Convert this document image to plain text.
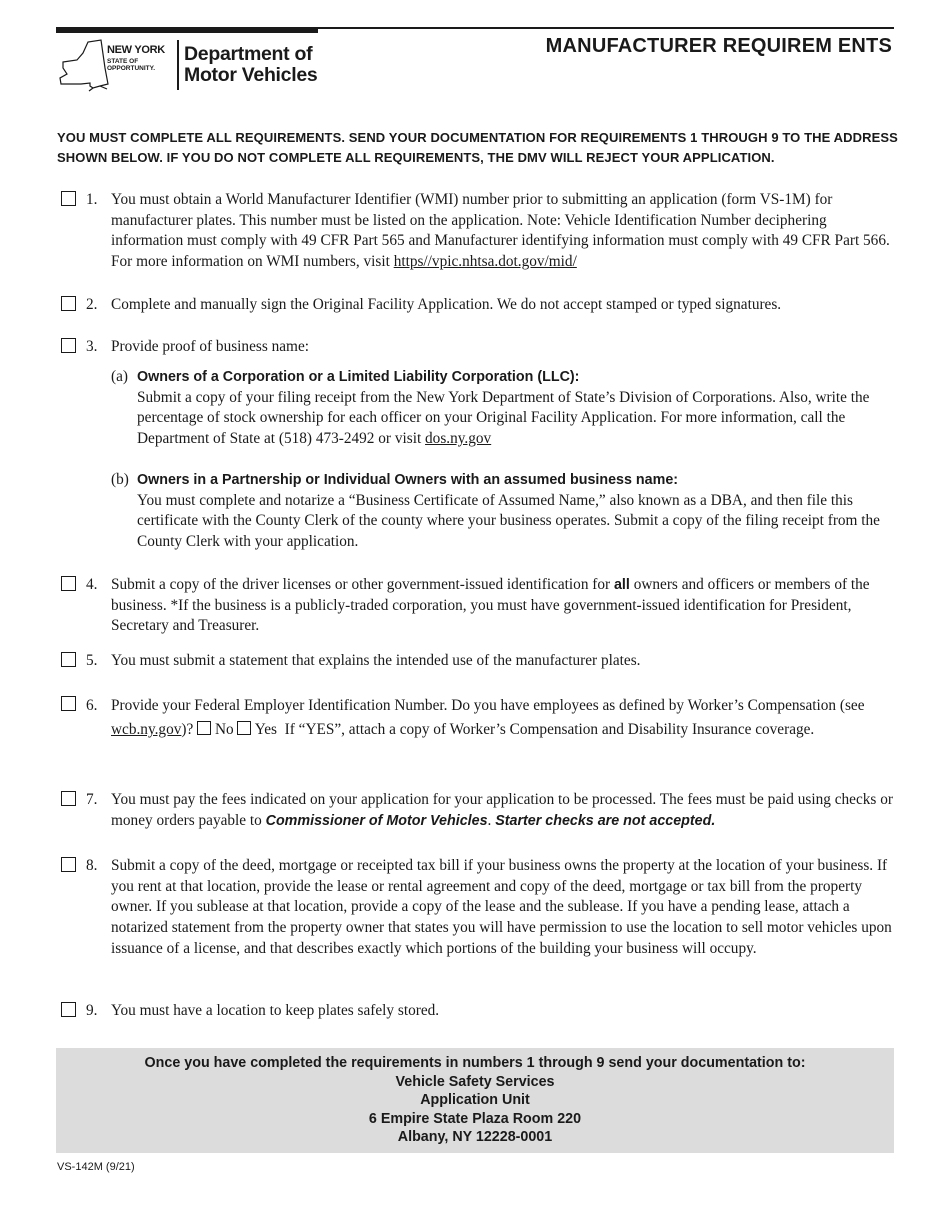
NEW YORK
STATE OF
OPPORTUNITY.
Department of
Motor Vehicles
MANUFACTURER REQUIREM ENTS
YOU MUST COMPLETE ALL REQUIREMENTS. SEND YOUR DOCUMENTATION FOR REQUIREMENTS 1 THROUGH 9 TO THE ADDRESS SHOWN BELOW. IF YOU DO NOT COMPLETE ALL REQUIREMENTS, THE DMV WILL REJECT YOUR APPLICATION.
1. You must obtain a World Manufacturer Identifier (WMI) number prior to submitting an application (form VS-1M) for manufacturer plates. This number must be listed on the application. Note: Vehicle Identification Number deciphering information must comply with 49 CFR Part 565 and Manufacturer identifying information must comply with 49 CFR Part 566. For more information on WMI numbers, visit https//vpic.nhtsa.dot.gov/mid/
2. Complete and manually sign the Original Facility Application. We do not accept stamped or typed signatures.
3. Provide proof of business name:
(a) Owners of a Corporation or a Limited Liability Corporation (LLC):
Submit a copy of your filing receipt from the New York Department of State’s Division of Corporations. Also, write the percentage of stock ownership for each officer on your Original Facility Application. For more information, call the Department of State at (518) 473-2492 or visit dos.ny.gov
(b) Owners in a Partnership or Individual Owners with an assumed business name:
You must complete and notarize a “Business Certificate of Assumed Name,” also known as a DBA, and then file this certificate with the County Clerk of the county where your business operates. Submit a copy of the filing receipt from the County Clerk with your application.
4. Submit a copy of the driver licenses or other government-issued identification for all owners and officers or members of the business. *If the business is a publicly-traded corporation, you must have government-issued identification for President, Secretary and Treasurer.
5. You must submit a statement that explains the intended use of the manufacturer plates.
6. Provide your Federal Employer Identification Number. Do you have employees as defined by Worker’s Compensation (see wcb.ny.gov)?  No Yes  If “YES”, attach a copy of Worker’s Compensation and Disability Insurance coverage.
7. You must pay the fees indicated on your application for your application to be processed. The fees must be paid using checks or money orders payable to Commissioner of Motor Vehicles. Starter checks are not accepted.
8. Submit a copy of the deed, mortgage or receipted tax bill if your business owns the property at the location of your business. If you rent at that location, provide the lease or rental agreement and copy of the deed, mortgage or tax bill from the property owner. If you sublease at that location, provide a copy of the lease and the sublease. If you have a pending lease, attach a notarized statement from the property owner that states you will have permission to use the location to sell motor vehicles upon issuance of a license, and that describes exactly which portions of the building your business will occupy.
9. You must have a location to keep plates safely stored.
Once you have completed the requirements in numbers 1 through 9 send your documentation to:
Vehicle Safety Services
Application Unit
6 Empire State Plaza Room 220
Albany, NY 12228-0001
VS-142M (9/21)
